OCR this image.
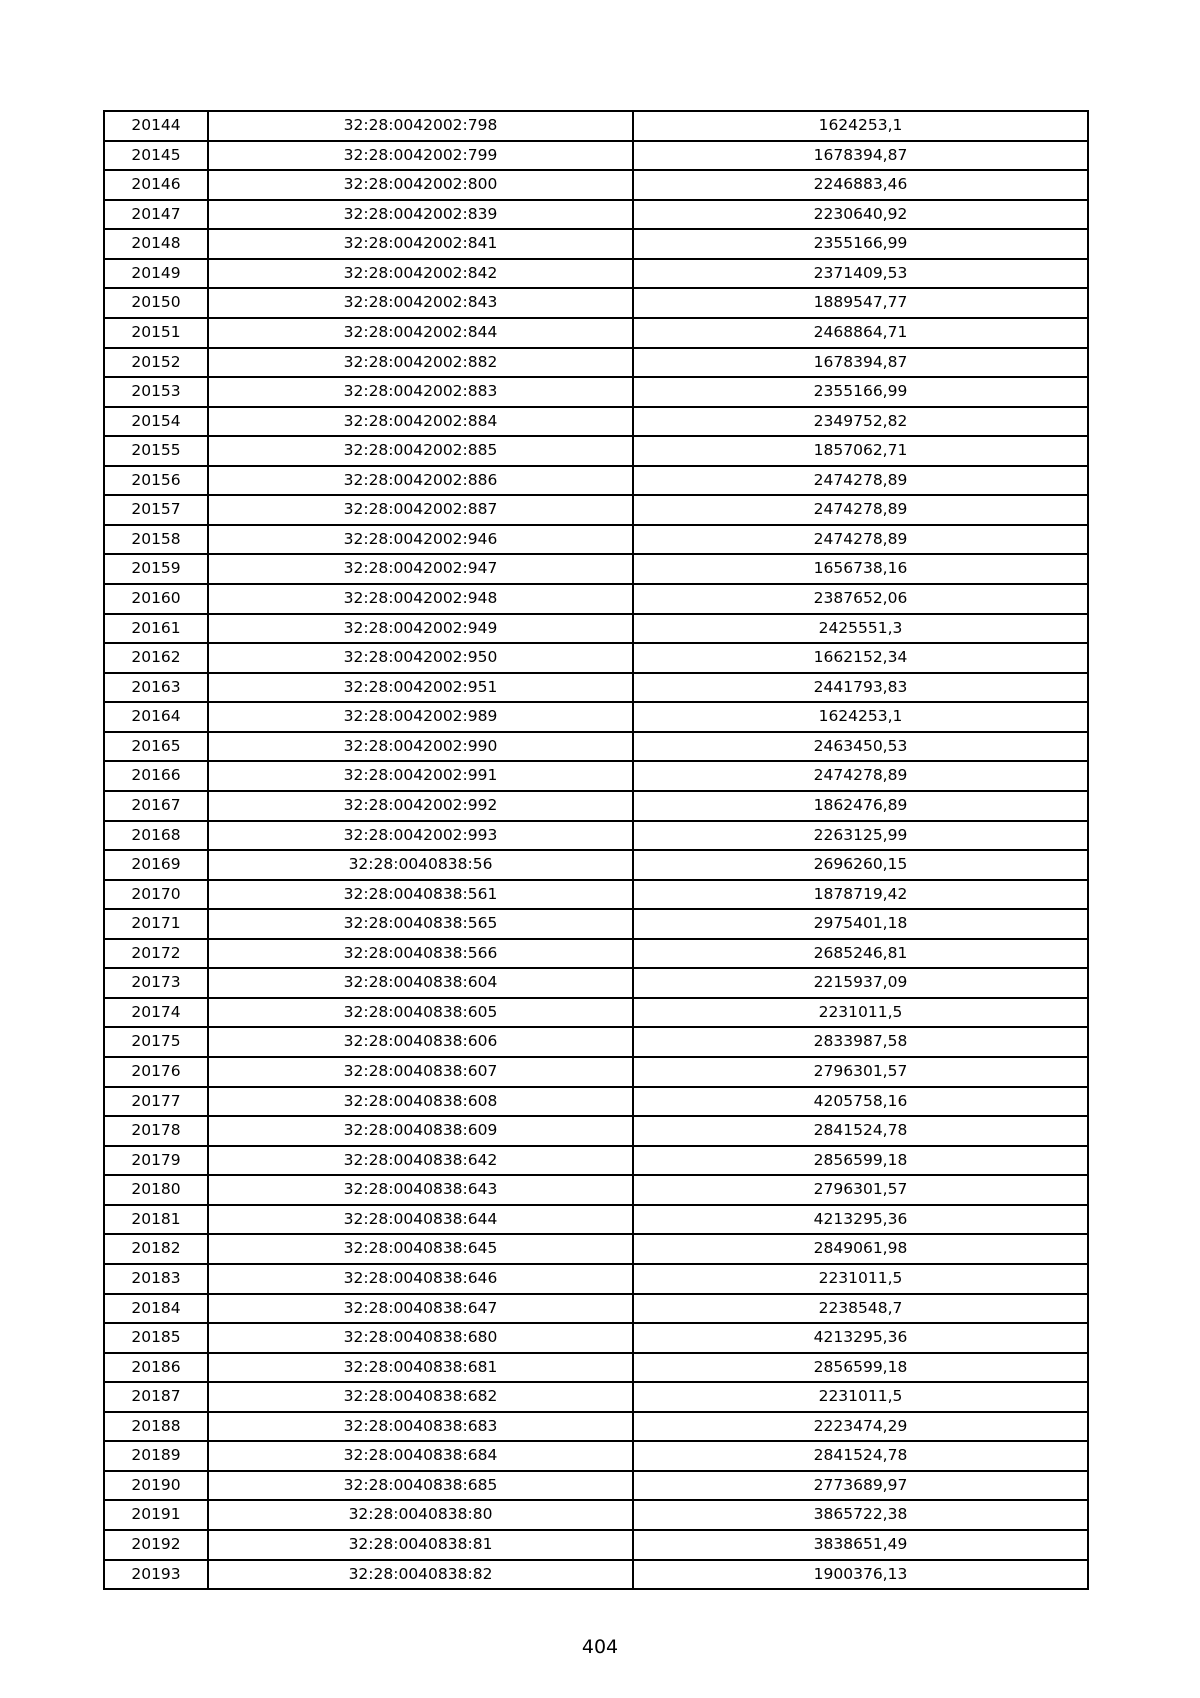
20144	32:28:0042002:798	1624253,1
20145	32:28:0042002:799	1678394,87
20146	32:28:0042002:800	2246883,46
20147	32:28:0042002:839	2230640,92
20148	32:28:0042002:841	2355166,99
20149	32:28:0042002:842	2371409,53
20150	32:28:0042002:843	1889547,77
20151	32:28:0042002:844	2468864,71
20152	32:28:0042002:882	1678394,87
20153	32:28:0042002:883	2355166,99
20154	32:28:0042002:884	2349752,82
20155	32:28:0042002:885	1857062,71
20156	32:28:0042002:886	2474278,89
20157	32:28:0042002:887	2474278,89
20158	32:28:0042002:946	2474278,89
20159	32:28:0042002:947	1656738,16
20160	32:28:0042002:948	2387652,06
20161	32:28:0042002:949	2425551,3
20162	32:28:0042002:950	1662152,34
20163	32:28:0042002:951	2441793,83
20164	32:28:0042002:989	1624253,1
20165	32:28:0042002:990	2463450,53
20166	32:28:0042002:991	2474278,89
20167	32:28:0042002:992	1862476,89
20168	32:28:0042002:993	2263125,99
20169	32:28:0040838:56	2696260,15
20170	32:28:0040838:561	1878719,42
20171	32:28:0040838:565	2975401,18
20172	32:28:0040838:566	2685246,81
20173	32:28:0040838:604	2215937,09
20174	32:28:0040838:605	2231011,5
20175	32:28:0040838:606	2833987,58
20176	32:28:0040838:607	2796301,57
20177	32:28:0040838:608	4205758,16
20178	32:28:0040838:609	2841524,78
20179	32:28:0040838:642	2856599,18
20180	32:28:0040838:643	2796301,57
20181	32:28:0040838:644	4213295,36
20182	32:28:0040838:645	2849061,98
20183	32:28:0040838:646	2231011,5
20184	32:28:0040838:647	2238548,7
20185	32:28:0040838:680	4213295,36
20186	32:28:0040838:681	2856599,18
20187	32:28:0040838:682	2231011,5
20188	32:28:0040838:683	2223474,29
20189	32:28:0040838:684	2841524,78
20190	32:28:0040838:685	2773689,97
20191	32:28:0040838:80	3865722,38
20192	32:28:0040838:81	3838651,49
20193	32:28:0040838:82	1900376,13
404
